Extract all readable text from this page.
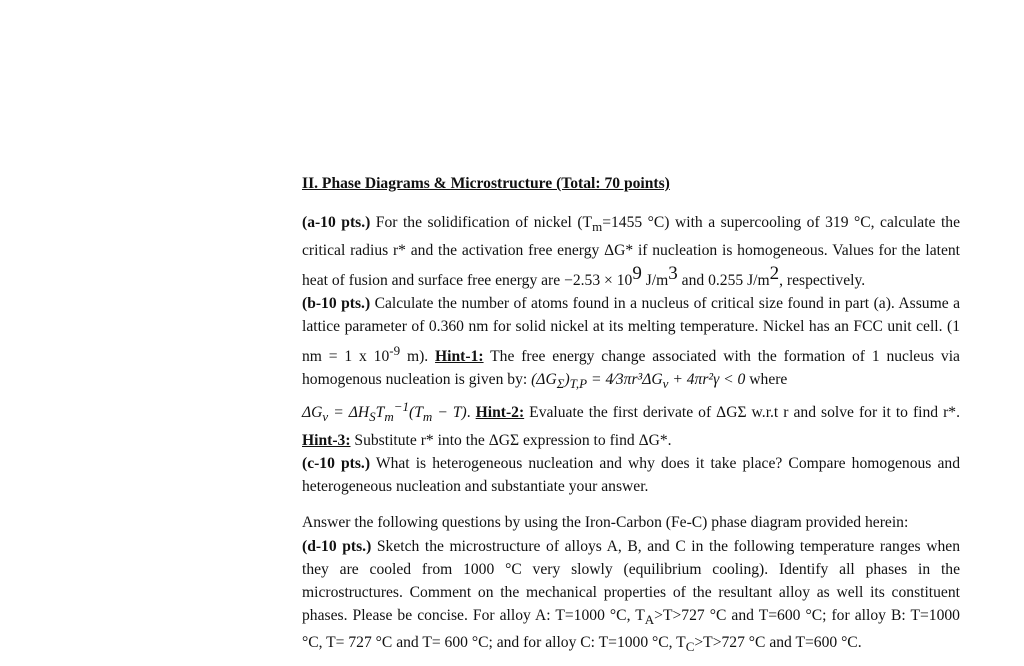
II. Phase Diagrams & Microstructure (Total: 70 points)

(a-10 pts.) For the solidification of nickel ($T_m=1455$ °C) with a supercooling of 319 °C, calculate the critical radius r* and the activation free energy ΔG* if nucleation is homogeneous. Values for the latent heat of fusion and surface free energy are $-2.53 \times 10^9$ $J/m^3$ and 0.255 $J/m^2$, respectively.

(b-10 pts.) Calculate the number of atoms found in a nucleus of critical size found in part (a). Assume a lattice parameter of 0.360 nm for solid nickel at its melting temperature. Nickel has an FCC unit cell. (1 nm = 1 x $10^{-9}$ m). Hint-1: The free energy change associated with the formation of 1 nucleus via homogenous nucleation is given by: $(\Delta G_\Sigma)_{T,P}$ = $4⁄3\pi r^3\Delta G_v + 4\pi r^2\gamma < 0$ where
$\Delta G_v = \Delta H_ST_m^{-1}(T_m - T)$. Hint-2: Evaluate the first derivate of ΔGΣ w.r.t r and solve for it to find r*. Hint-3: Substitute r* into the ΔGΣ expression to find ΔG*.

(c-10 pts.) What is heterogeneous nucleation and why does it take place? Compare homogenous and heterogeneous nucleation and substantiate your answer.

Answer the following questions by using the Iron-Carbon (Fe-C) phase diagram provided herein:

(d-10 pts.) Sketch the microstructure of alloys A, B, and C in the following temperature ranges when they are cooled from 1000 °C very slowly (equilibrium cooling). Identify all phases in the microstructures. Comment on the mechanical properties of the resultant alloy as well its constituent phases. Please be concise. For alloy A: T=1000 °C, $T_A>T>727$ °C and T=600 °C; for alloy B: T=1000 °C, T= 727 °C and T= 600 °C; and for alloy C: T=1000 °C, $T_C>T>727$ °C and T=600 °C.
